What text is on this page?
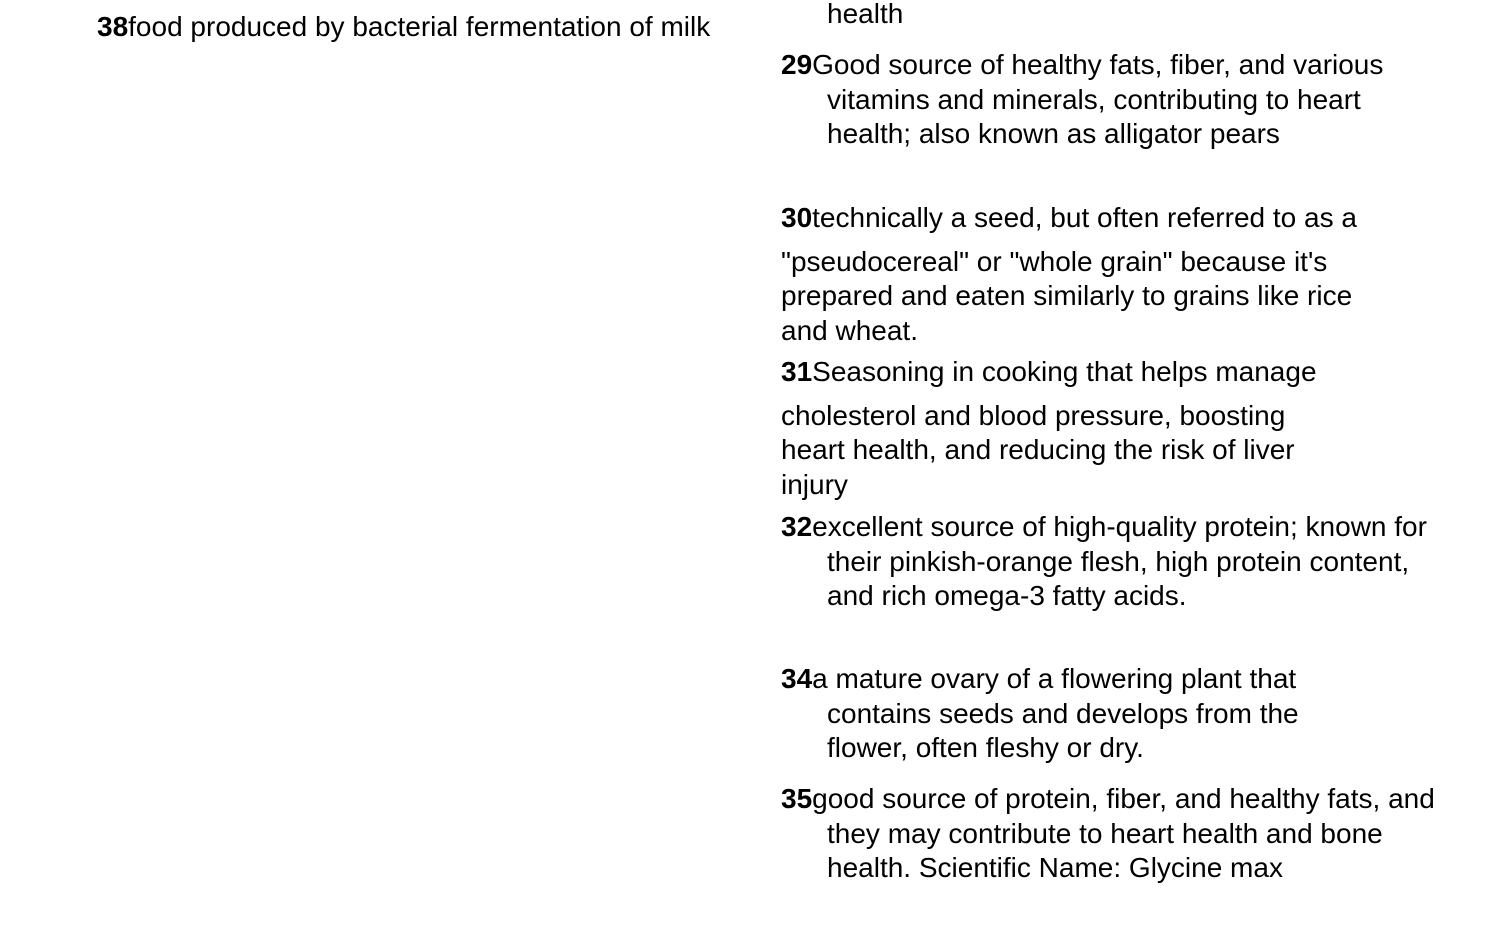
38food produced by bacterial fermentation of milk	health
29Good source of healthy fats, fiber, and various vitamins and minerals, contributing to heart health; also known as alligator pears
30technically a seed, but often referred to as a
"pseudocereal" or "whole grain" because it's prepared and eaten similarly to grains like rice and wheat.
31Seasoning in cooking that helps manage
cholesterol and blood pressure, boosting heart health, and reducing the risk of liver injury
32excellent source of high-quality protein; known for their pinkish-orange flesh, high protein content, and rich omega-3 fatty acids.
34a mature ovary of a flowering plant that contains seeds and develops from the flower, often fleshy or dry.
35good source of protein, fiber, and healthy fats, and they may contribute to heart health and bone health. Scientific Name: Glycine max
